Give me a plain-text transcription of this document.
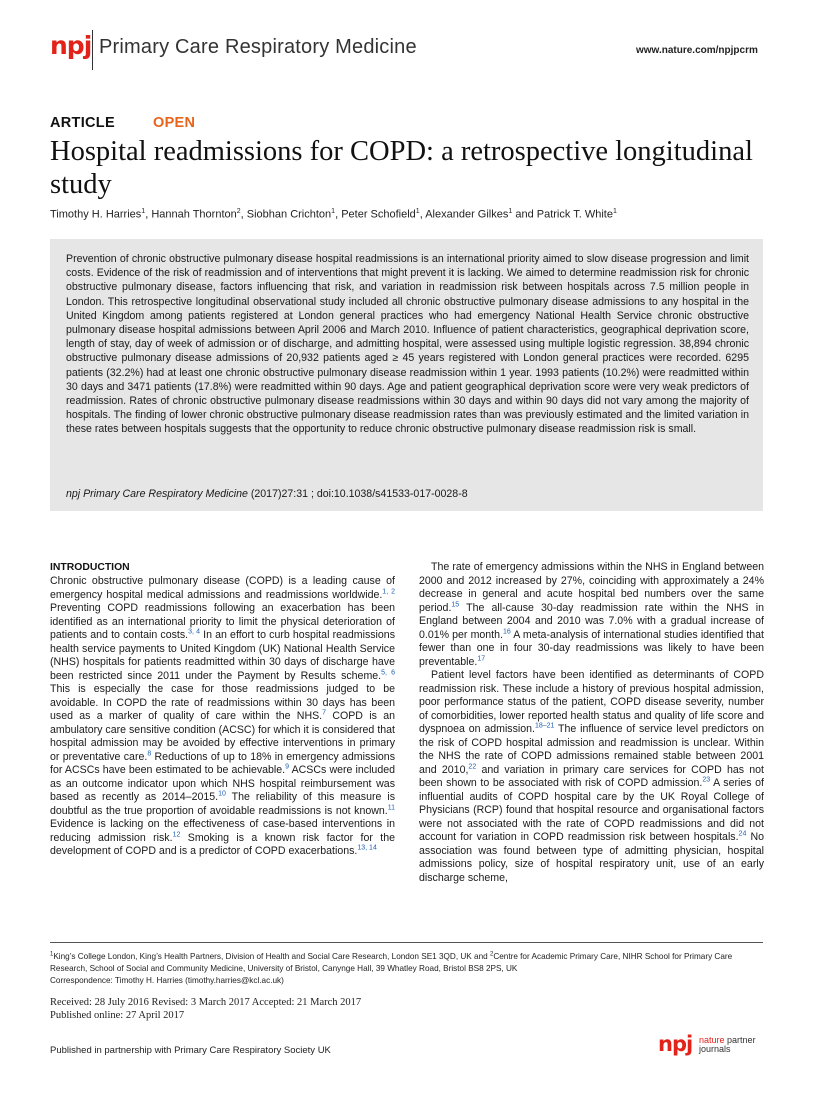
npj Primary Care Respiratory Medicine	www.nature.com/npjpcrm
ARTICLE	OPEN
Hospital readmissions for COPD: a retrospective longitudinal study
Timothy H. Harries$^1$, Hannah Thornton$^2$, Siobhan Crichton$^1$, Peter Schofield$^1$, Alexander Gilkes$^1$ and Patrick T. White$^1$
Prevention of chronic obstructive pulmonary disease hospital readmissions is an international priority aimed to slow disease progression and limit costs. Evidence of the risk of readmission and of interventions that might prevent it is lacking. We aimed to determine readmission risk for chronic obstructive pulmonary disease, factors influencing that risk, and variation in readmission risk between hospitals across 7.5 million people in London. This retrospective longitudinal observational study included all chronic obstructive pulmonary disease admissions to any hospital in the United Kingdom among patients registered at London general practices who had emergency National Health Service chronic obstructive pulmonary disease hospital admissions between April 2006 and March 2010. Influence of patient characteristics, geographical deprivation score, length of stay, day of week of admission or of discharge, and admitting hospital, were assessed using multiple logistic regression. 38,894 chronic obstructive pulmonary disease admissions of 20,932 patients aged ≥ 45 years registered with London general practices were recorded. 6295 patients (32.2%) had at least one chronic obstructive pulmonary disease readmission within 1 year. 1993 patients (10.2%) were readmitted within 30 days and 3471 patients (17.8%) were readmitted within 90 days. Age and patient geographical deprivation score were very weak predictors of readmission. Rates of chronic obstructive pulmonary disease readmissions within 30 days and within 90 days did not vary among the majority of hospitals. The finding of lower chronic obstructive pulmonary disease readmission rates than was previously estimated and the limited variation in these rates between hospitals suggests that the opportunity to reduce chronic obstructive pulmonary disease readmission risk is small.
npj Primary Care Respiratory Medicine (2017)27:31 ; doi:10.1038/s41533-017-0028-8
INTRODUCTION

Chronic obstructive pulmonary disease (COPD) is a leading cause of emergency hospital medical admissions and readmissions worldwide.$^{1, 2}$ Preventing COPD readmissions following an exacerbation has been identified as an international priority to limit the physical deterioration of patients and to contain costs.$^{3, 4}$ In an effort to curb hospital readmissions health service payments to United Kingdom (UK) National Health Service (NHS) hospitals for patients readmitted within 30 days of discharge have been restricted since 2011 under the Payment by Results scheme.$^{5, 6}$ This is especially the case for those readmissions judged to be avoidable. In COPD the rate of readmissions within 30 days has been used as a marker of quality of care within the NHS.$^7$ COPD is an ambulatory care sensitive condition (ACSC) for which it is considered that hospital admission may be avoided by effective interventions in primary or preventative care.$^8$ Reductions of up to 18% in emergency admissions for ACSCs have been estimated to be achievable.$^9$ ACSCs were included as an outcome indicator upon which NHS hospital reimbursement was based as recently as 2014–2015.10 The reliability of this measure is doubtful as the true proportion of avoidable readmissions is not known.$^{11}$ Evidence is lacking on the effectiveness of case-based interventions in reducing admission risk.$^{12}$ Smoking is a known risk factor for the development of COPD and is a predictor of COPD exacerbations.$^{13, 14}$

The rate of emergency admissions within the NHS in England between 2000 and 2012 increased by 27%, coinciding with approximately a 24% decrease in general and acute hospital bed numbers over the same period.$^{15}$ The all-cause 30-day readmission rate within the NHS in England between 2004 and 2010 was 7.0% with a gradual increase of 0.01% per month.$^{16}$ A meta-analysis of international studies identified that fewer than one in four 30-day readmissions was likely to have been preventable.$^{17}$

Patient level factors have been identified as determinants of COPD readmission risk. These include a history of previous hospital admission, poor performance status of the patient, COPD disease severity, number of comorbidities, lower reported health status and quality of life score and dyspnoea on admission.$^{18-21}$ The influence of service level predictors on the risk of COPD hospital admission and readmission is unclear. Within the NHS the rate of COPD admissions remained stable between 2001 and 2010,22 and variation in primary care services for COPD has not been shown to be associated with risk of COPD admission.$^{23}$ A series of influential audits of COPD hospital care by the UK Royal College of Physicians (RCP) found that hospital resource and organisational factors were not associated with the rate of COPD readmissions and did not account for variation in COPD readmission risk between hospitals.$^{24}$ No association was found between type of admitting physician, hospital admissions policy, size of hospital respiratory unit, use of an early discharge scheme,

$^1$King’s College London, King’s Health Partners, Division of Health and Social Care Research, London SE1 3QD, UK and $^2$Centre for Academic Primary Care, NIHR School for Primary Care Research, School of Social and Community Medicine, University of Bristol, Canynge Hall, 39 Whatley Road, Bristol BS8 2PS, UK
Correspondence: Timothy H. Harries (timothy.harries@kcl.ac.uk)
Received: 28 July 2016 Revised: 3 March 2017 Accepted: 21 March 2017
Published online: 27 April 2017
Published in partnership with Primary Care Respiratory Society UK	npj nature partner
journals
